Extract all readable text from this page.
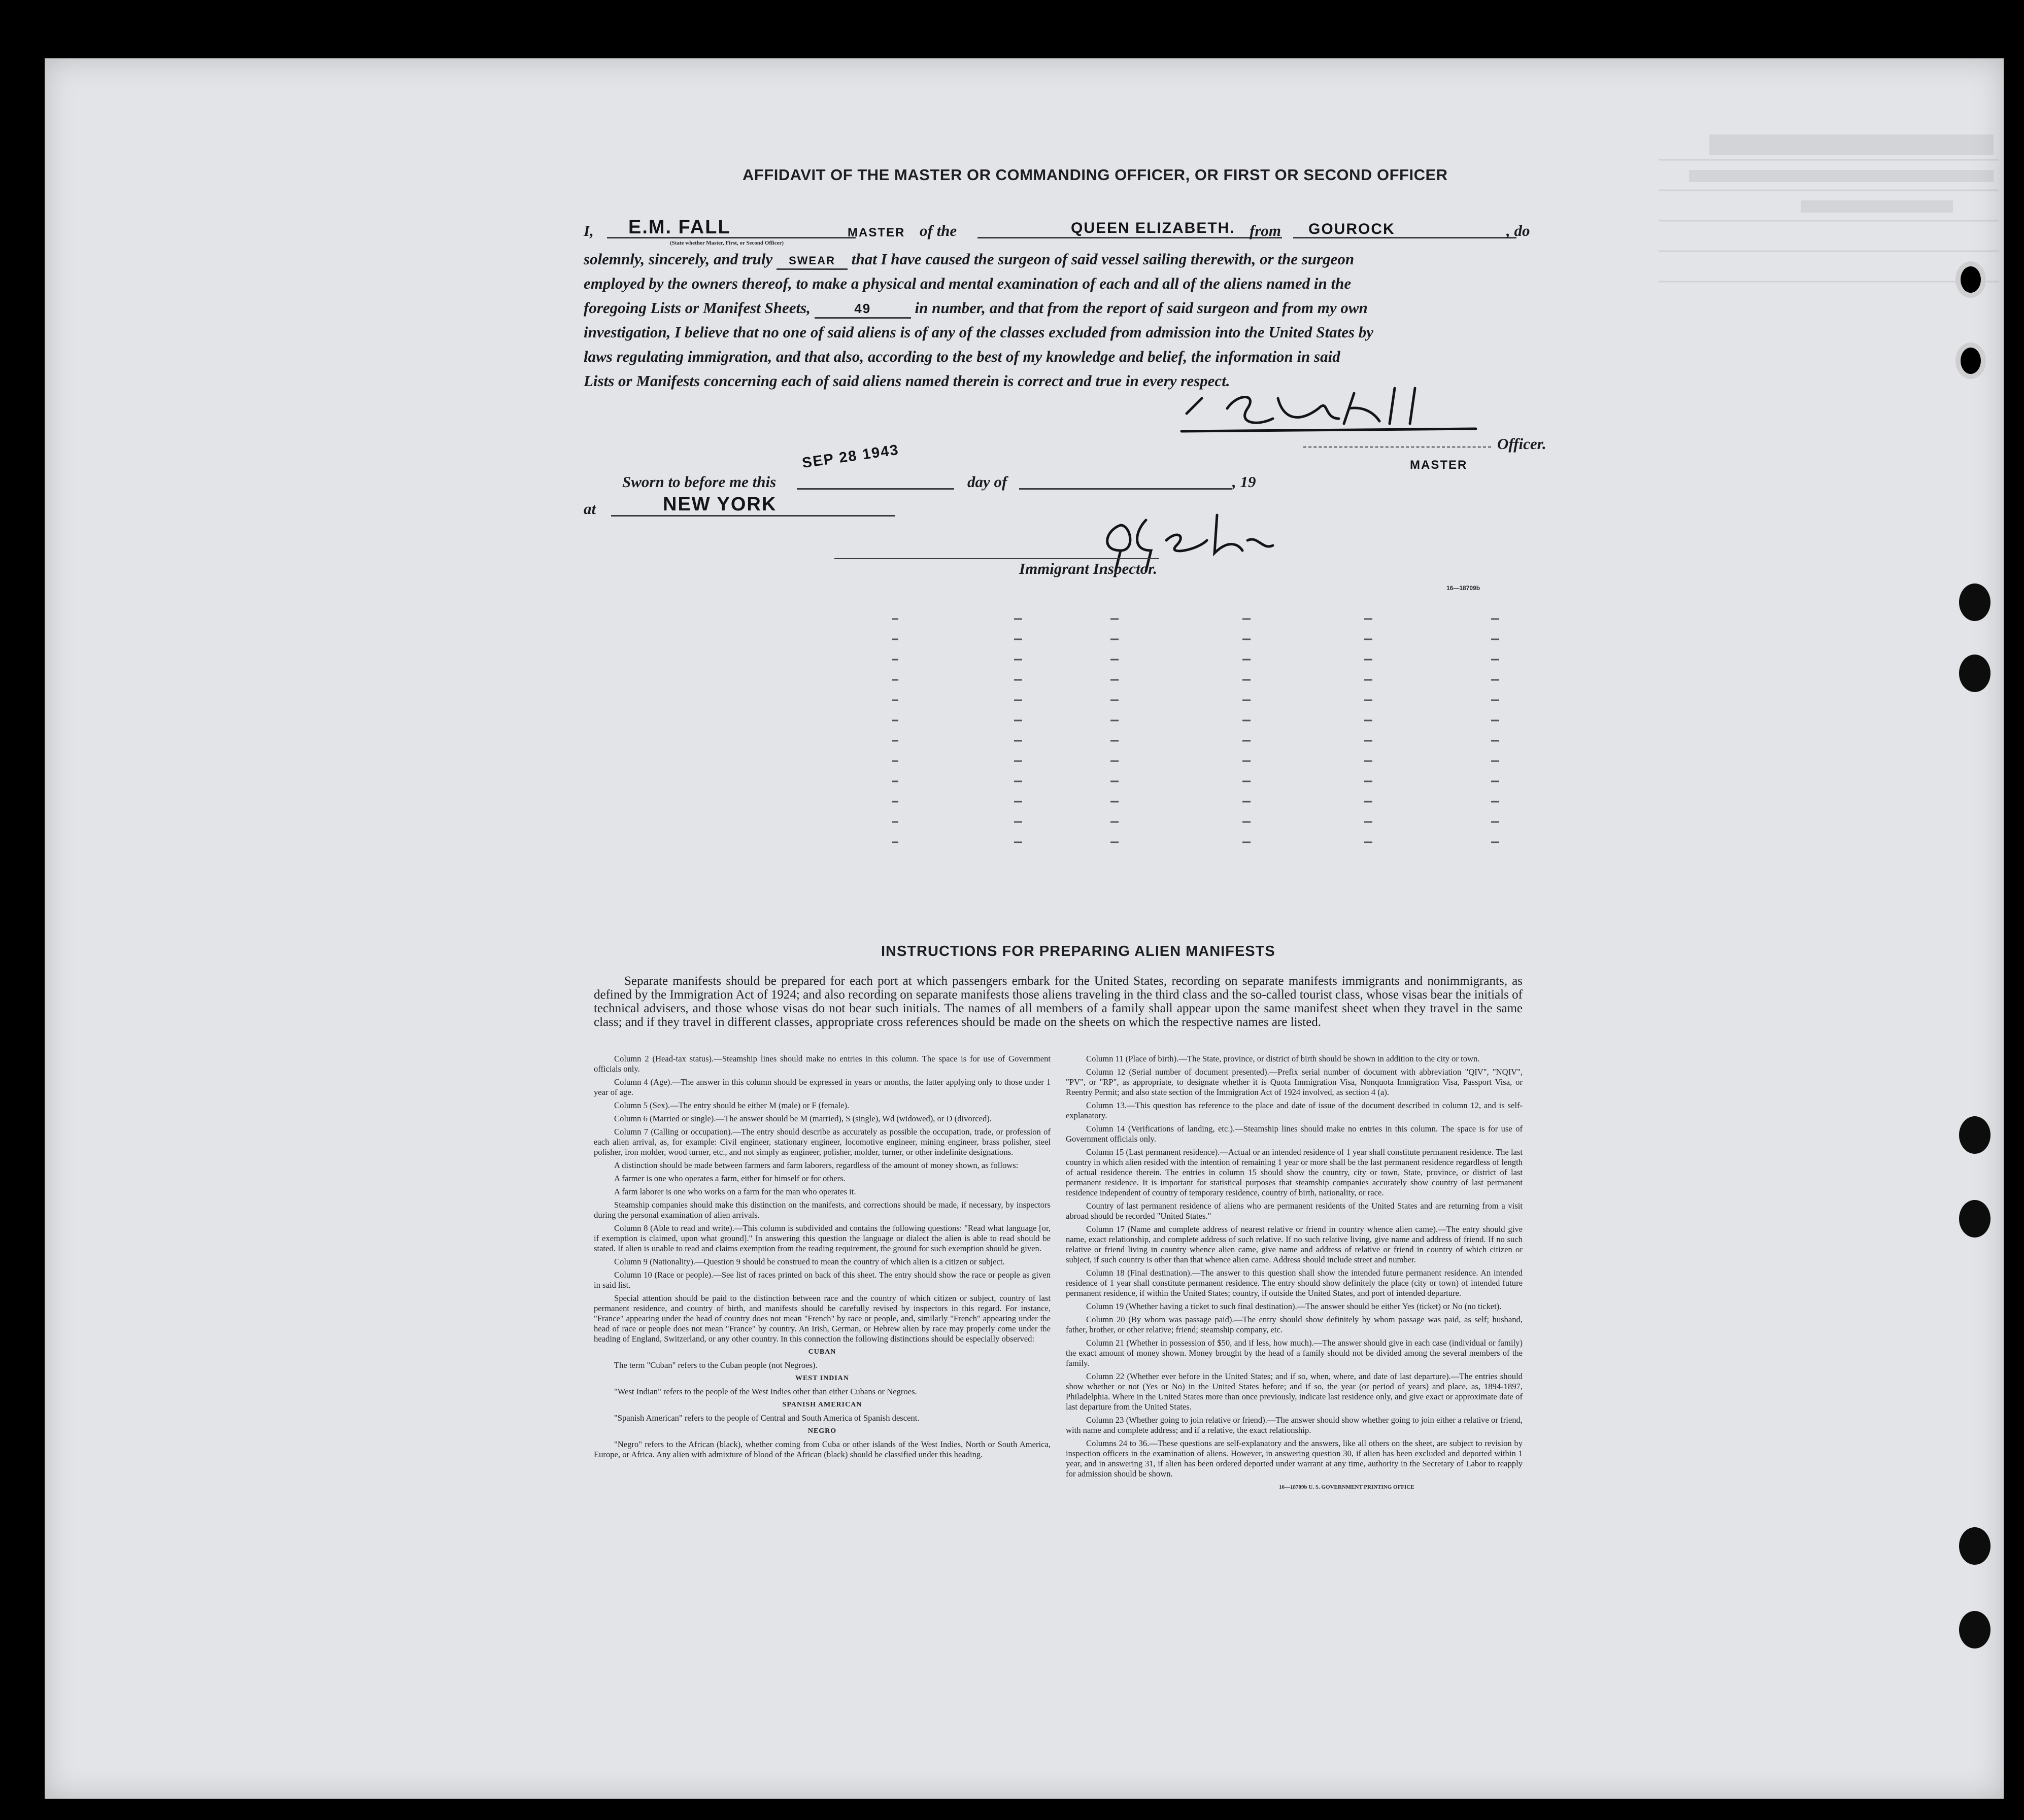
AFFIDAVIT OF THE MASTER OR COMMANDING OFFICER, OR FIRST OR SECOND OFFICER
I, E.M. FALL	MASTER
(State whether Master, First, or Second Officer)
of the	QUEEN ELIZABETH. from GOUROCK	, do
solemnly, sincerely, and truly SWEAR that I have caused the surgeon of said vessel sailing therewith, or the surgeon
employed by the owners thereof, to make a physical and mental examination of each and all of the aliens named in the
foregoing Lists or Manifest Sheets,	49	in number, and that from the report of said surgeon and from my own
investigation, I believe that no one of said aliens is of any of the classes excluded from admission into the United States by
laws regulating immigration, and that also, according to the best of my knowledge and belief, the information in said
Lists or Manifests concerning each of said aliens named therein is correct and true in every respect.
Officer.
MASTER
Sworn to before me this
SEP 28 1943
day of	, 19
at	NEW YORK
Immigrant Inspector.
16—18709b
INSTRUCTIONS FOR PREPARING ALIEN MANIFESTS
Separate manifests should be prepared for each port at which passengers embark for the United States, recording on separate manifests immigrants and nonimmigrants, as defined by the Immigration Act of 1924; and also recording on separate manifests those aliens traveling in the third class and the so-called tourist class, whose visas bear the initials of technical advisers, and those whose visas do not bear such initials. The names of all members of a family shall appear upon the same manifest sheet when they travel in the same class; and if they travel in different classes, appropriate cross references should be made on the sheets on which the respective names are listed.

Column 2 (Head-tax status).—Steamship lines should make no entries in this column. The space is for use of Government officials only.

Column 4 (Age).—The answer in this column should be expressed in years or months, the latter applying only to those under 1 year of age.

Column 5 (Sex).—The entry should be either M (male) or F (female).

Column 6 (Married or single).—The answer should be M (married), S (single), Wd (widowed), or D (divorced).

Column 7 (Calling or occupation).—The entry should describe as accurately as possible the occupation, trade, or profession of each alien arrival, as, for example: Civil engineer, stationary engineer, locomotive engineer, mining engineer, brass polisher, steel polisher, iron molder, wood turner, etc., and not simply as engineer, polisher, molder, turner, or other indefinite designations.

A distinction should be made between farmers and farm laborers, regardless of the amount of money shown, as follows:

A farmer is one who operates a farm, either for himself or for others.

A farm laborer is one who works on a farm for the man who operates it.

Steamship companies should make this distinction on the manifests, and corrections should be made, if necessary, by inspectors during the personal examination of alien arrivals.

Column 8 (Able to read and write).—This column is subdivided and contains the following questions: "Read what language [or, if exemption is claimed, upon what ground]." In answering this question the language or dialect the alien is able to read should be stated. If alien is unable to read and claims exemption from the reading requirement, the ground for such exemption should be given.

Column 9 (Nationality).—Question 9 should be construed to mean the country of which alien is a citizen or subject.

Column 10 (Race or people).—See list of races printed on back of this sheet. The entry should show the race or people as given in said list.

Special attention should be paid to the distinction between race and the country of which citizen or subject, country of last permanent residence, and country of birth, and manifests should be carefully revised by inspectors in this regard. For instance, "France" appearing under the head of country does not mean "French" by race or people, and, similarly "French" appearing under the head of race or people does not mean "France" by country. An Irish, German, or Hebrew alien by race may properly come under the heading of England, Switzerland, or any other country. In this connection the following distinctions should be especially observed:

CUBAN

The term "Cuban" refers to the Cuban people (not Negroes).

WEST INDIAN

"West Indian" refers to the people of the West Indies other than either Cubans or Negroes.

SPANISH AMERICAN

"Spanish American" refers to the people of Central and South America of Spanish descent.

NEGRO

"Negro" refers to the African (black), whether coming from Cuba or other islands of the West Indies, North or South America, Europe, or Africa. Any alien with admixture of blood of the African (black) should be classified under this heading.

Column 11 (Place of birth).—The State, province, or district of birth should be shown in addition to the city or town.

Column 12 (Serial number of document presented).—Prefix serial number of document with abbreviation "QIV", "NQIV", "PV", or "RP", as appropriate, to designate whether it is Quota Immigration Visa, Nonquota Immigration Visa, Passport Visa, or Reentry Permit; and also state section of the Immigration Act of 1924 involved, as section 4 (a).

Column 13.—This question has reference to the place and date of issue of the document described in column 12, and is self-explanatory.

Column 14 (Verifications of landing, etc.).—Steamship lines should make no entries in this column. The space is for use of Government officials only.

Column 15 (Last permanent residence).—Actual or an intended residence of 1 year shall constitute permanent residence. The last country in which alien resided with the intention of remaining 1 year or more shall be the last permanent residence regardless of length of actual residence therein. The entries in column 15 should show the country, city or town, State, province, or district of last permanent residence. It is important for statistical purposes that steamship companies accurately show country of last permanent residence independent of country of temporary residence, country of birth, nationality, or race.

Country of last permanent residence of aliens who are permanent residents of the United States and are returning from a visit abroad should be recorded "United States."

Column 17 (Name and complete address of nearest relative or friend in country whence alien came).—The entry should give name, exact relationship, and complete address of such relative. If no such relative living, give name and address of friend. If no such relative or friend living in country whence alien came, give name and address of relative or friend in country of which citizen or subject, if such country is other than that whence alien came. Address should include street and number.

Column 18 (Final destination).—The answer to this question shall show the intended future permanent residence. An intended residence of 1 year shall constitute permanent residence. The entry should show definitely the place (city or town) of intended future permanent residence, if within the United States; country, if outside the United States, and port of intended departure.

Column 19 (Whether having a ticket to such final destination).—The answer should be either Yes (ticket) or No (no ticket).

Column 20 (By whom was passage paid).—The entry should show definitely by whom passage was paid, as self; husband, father, brother, or other relative; friend; steamship company, etc.

Column 21 (Whether in possession of $50, and if less, how much).—The answer should give in each case (individual or family) the exact amount of money shown. Money brought by the head of a family should not be divided among the several members of the family.

Column 22 (Whether ever before in the United States; and if so, when, where, and date of last departure).—The entries should show whether or not (Yes or No) in the United States before; and if so, the year (or period of years) and place, as, 1894-1897, Philadelphia. Where in the United States more than once previously, indicate last residence only, and give exact or approximate date of last departure from the United States.

Column 23 (Whether going to join relative or friend).—The answer should show whether going to join either a relative or friend, with name and complete address; and if a relative, the exact relationship.

Columns 24 to 36.—These questions are self-explanatory and the answers, like all others on the sheet, are subject to revision by inspection officers in the examination of aliens. However, in answering question 30, if alien has been excluded and deported within 1 year, and in answering 31, if alien has been ordered deported under warrant at any time, authority in the Secretary of Labor to reapply for admission should be shown.

16—18709b U. S. GOVERNMENT PRINTING OFFICE
